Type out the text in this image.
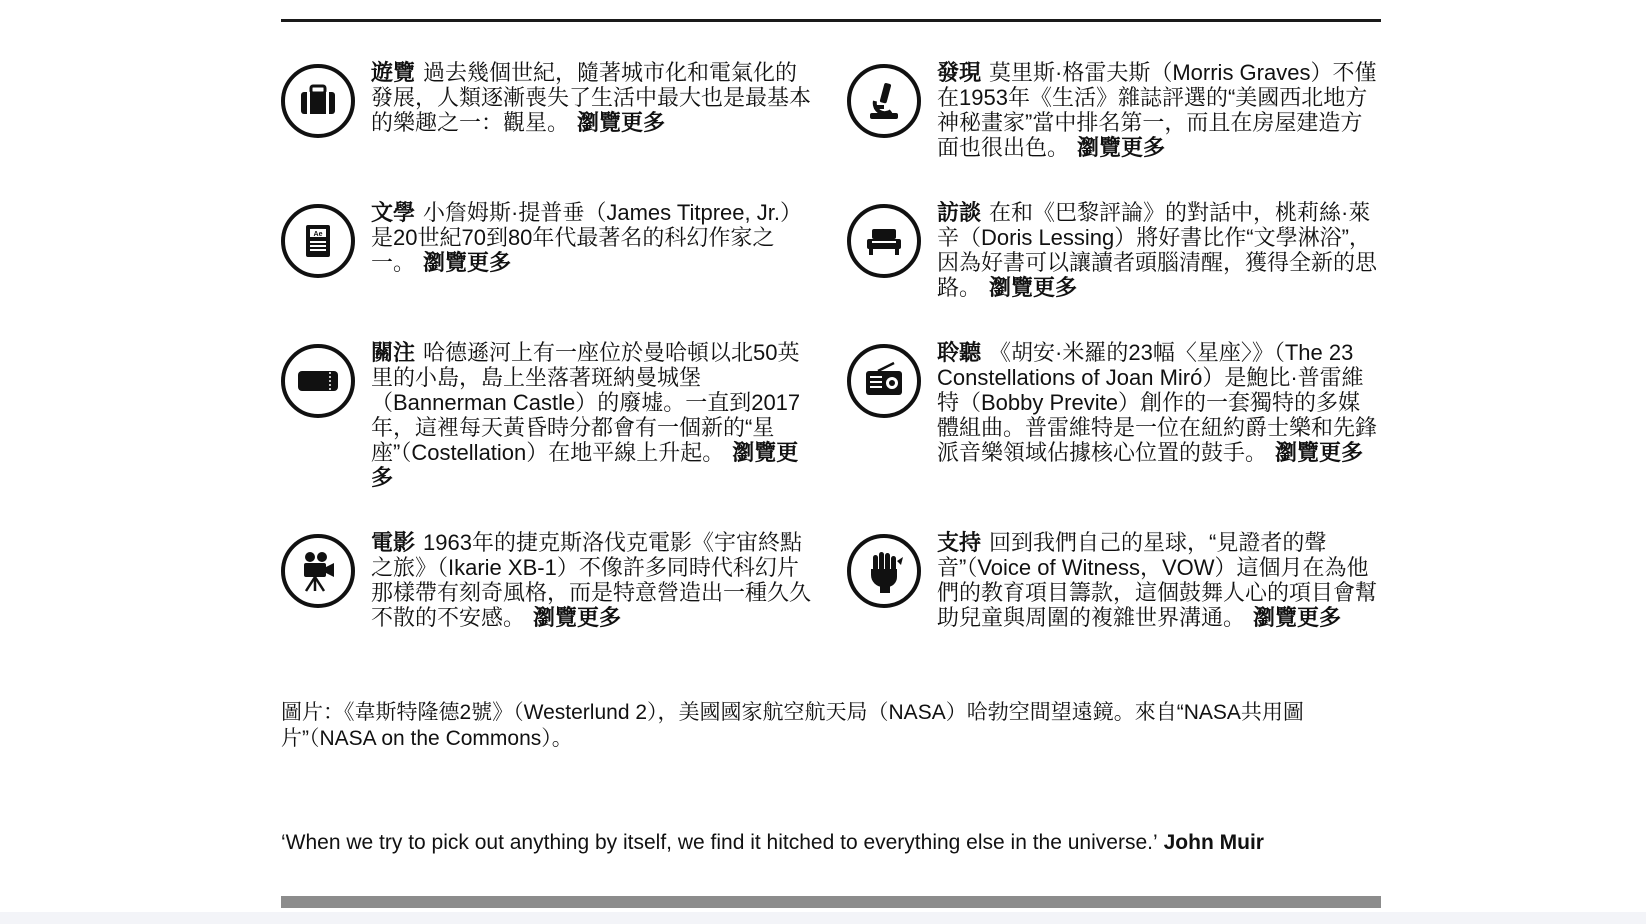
遊覽 過去幾個世紀，隨著城市化和電氣化的發展，人類逐漸喪失了生活中最大也是最基本的樂趣之一：觀星。 瀏覽更多
發現 莫里斯·格雷夫斯（Morris Graves）不僅在1953年《生活》雜誌評選的“美國西北地方神秘畫家”當中排名第一，而且在房屋建造方面也很出色。 瀏覽更多
Ae
文學 小詹姆斯·提普垂（James Titpree, Jr.）是20世紀70到80年代最著名的科幻作家之一。 瀏覽更多
訪談 在和《巴黎評論》的對話中，桃莉絲·萊辛（Doris Lessing）將好書比作“文學淋浴”，因為好書可以讓讀者頭腦清醒，獲得全新的思路。 瀏覽更多
關注 哈德遜河上有一座位於曼哈頓以北50英里的小島，島上坐落著斑納曼城堡（Bannerman Castle）的廢墟。一直到2017年，這裡每天黃昏時分都會有一個新的“星座”（Costellation）在地平線上升起。 瀏覽更多
聆聽 《胡安·米羅的23幅〈星座〉》（The 23 Constellations of Joan Miró）是鮑比·普雷維特（Bobby Previte）創作的一套獨特的多媒體組曲。普雷維特是一位在紐約爵士樂和先鋒派音樂領域佔據核心位置的鼓手。 瀏覽更多
電影 1963年的捷克斯洛伐克電影《宇宙終點之旅》（Ikarie XB-1）不像許多同時代科幻片那樣帶有刻奇風格，而是特意營造出一種久久不散的不安感。 瀏覽更多
支持 回到我們自己的星球，“見證者的聲音”（Voice of Witness，VOW）這個月在為他們的教育項目籌款，這個鼓舞人心的項目會幫助兒童與周圍的複雜世界溝通。 瀏覽更多
圖片：《韋斯特隆德2號》（Westerlund 2），美國國家航空航天局（NASA）哈勃空間望遠鏡。來自“NASA共用圖片”（NASA on the Commons）。
‘When we try to pick out anything by itself, we find it hitched to everything else in the universe.’ John Muir
